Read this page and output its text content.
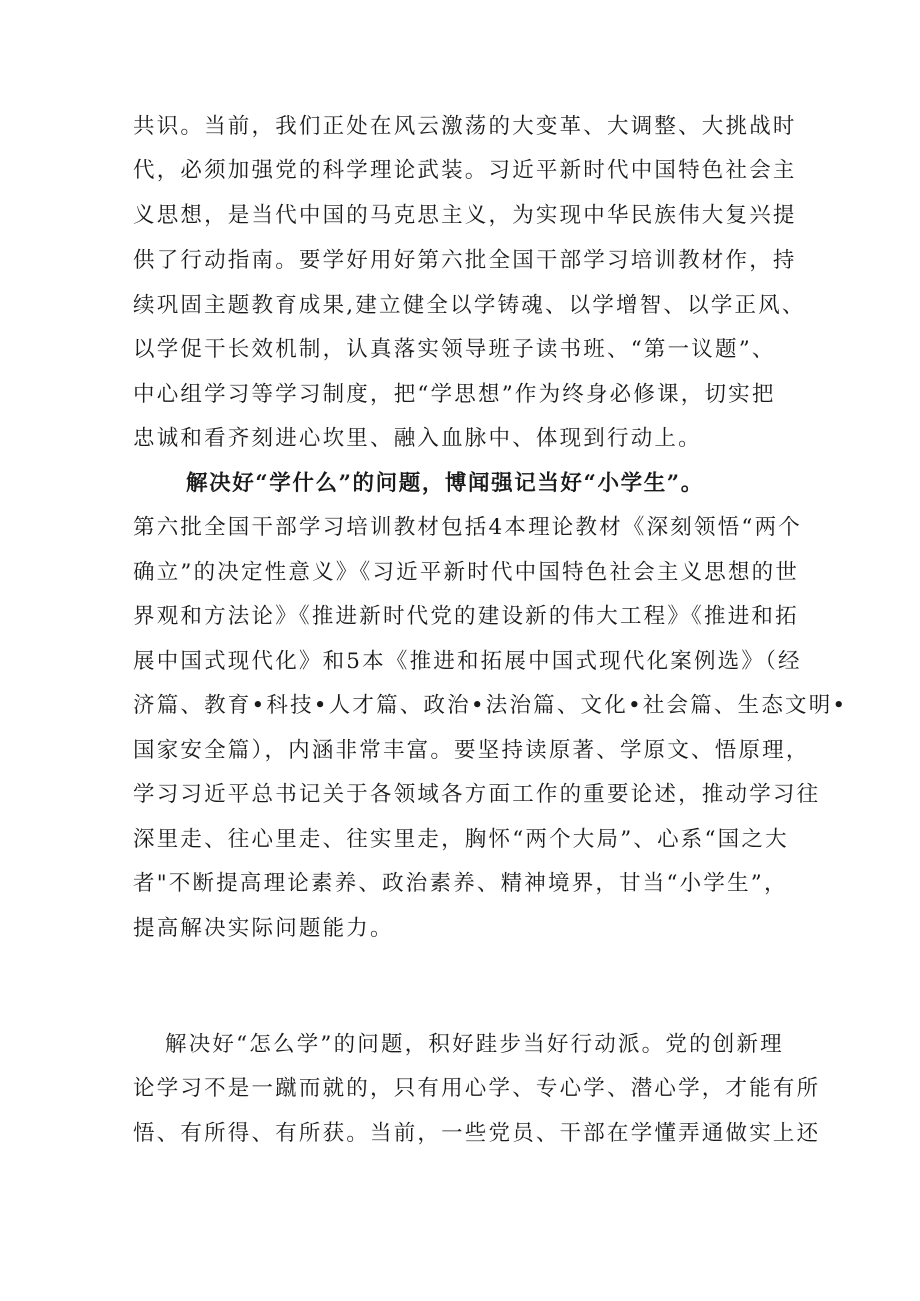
共识。当前，我们正处在风云激荡的大变革、大调整、大挑战时
代，必须加强党的科学理论武装。习近平新时代中国特色社会主
义思想，是当代中国的马克思主义，为实现中华民族伟大复兴提
供了行动指南。要学好用好第六批全国干部学习培训教材作，持
续巩固主题教育成果,建立健全以学铸魂、以学增智、以学正风、
以学促干长效机制，认真落实领导班子读书班、“第一议题”、
中心组学习等学习制度，把“学思想”作为终身必修课，切实把
忠诚和看齐刻进心坎里、融入血脉中、体现到行动上。
解决好“学什么”的问题，博闻强记当好“小学生”。
第六批全国干部学习培训教材包括4本理论教材《深刻领悟“两个
确立”的决定性意义》《习近平新时代中国特色社会主义思想的世
界观和方法论》《推进新时代党的建设新的伟大工程》《推进和拓
展中国式现代化》和5本《推进和拓展中国式现代化案例选》（经
济篇、教育•科技•人才篇、政治•法治篇、文化•社会篇、生态文明•
国家安全篇），内涵非常丰富。要坚持读原著、学原文、悟原理，
学习习近平总书记关于各领域各方面工作的重要论述，推动学习往
深里走、往心里走、往实里走，胸怀“两个大局”、心系“国之大
者"不断提高理论素养、政治素养、精神境界，甘当“小学生”，
提高解决实际问题能力。
解决好“怎么学”的问题，积好跬步当好行动派。党的创新理
论学习不是一蹴而就的，只有用心学、专心学、潜心学，才能有所
悟、有所得、有所获。当前，一些党员、干部在学懂弄通做实上还
